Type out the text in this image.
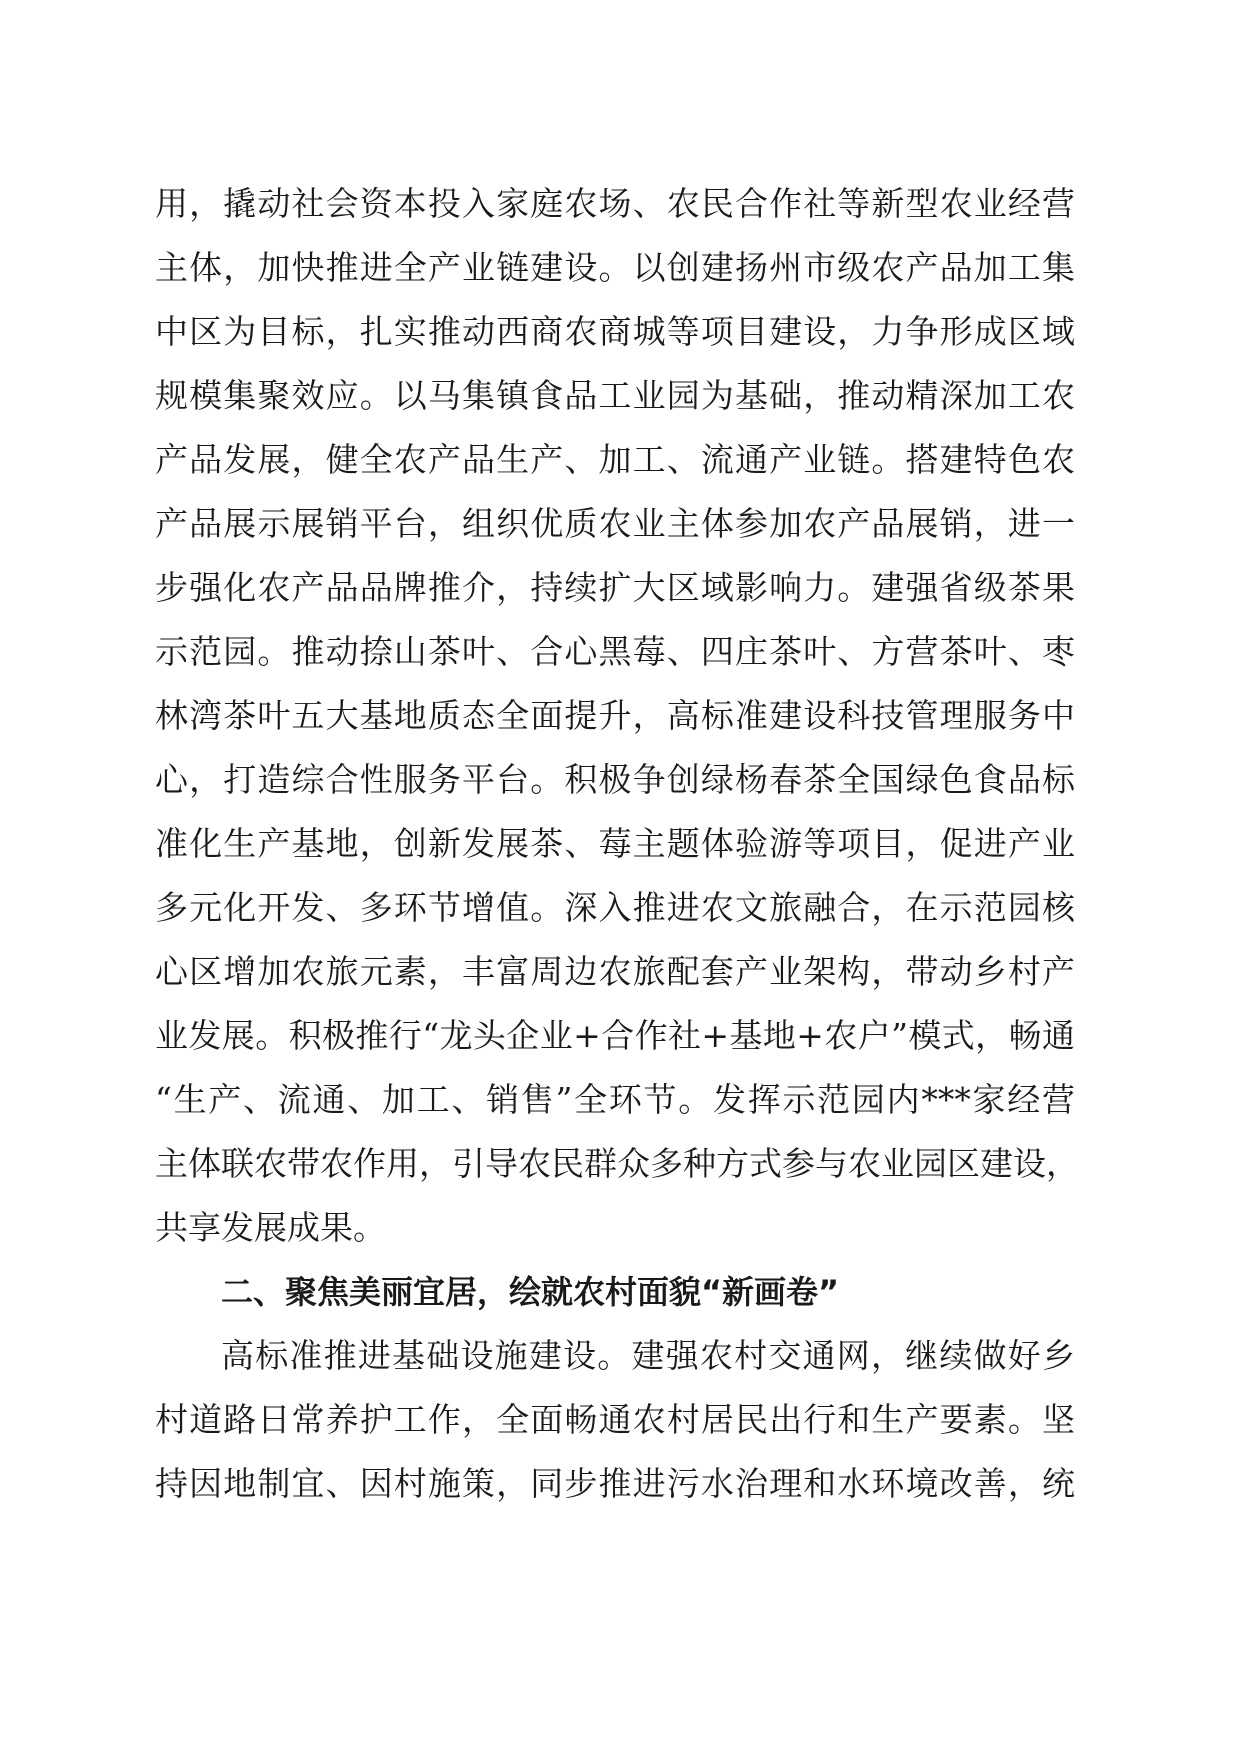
用，撬动社会资本投入家庭农场、农民合作社等新型农业经营
主体，加快推进全产业链建设。以创建扬州市级农产品加工集
中区为目标，扎实推动西商农商城等项目建设，力争形成区域
规模集聚效应。以马集镇食品工业园为基础，推动精深加工农
产品发展，健全农产品生产、加工、流通产业链。搭建特色农
产品展示展销平台，组织优质农业主体参加农产品展销，进一
步强化农产品品牌推介，持续扩大区域影响力。建强省级茶果
示范园。推动捺山茶叶、合心黑莓、四庄茶叶、方营茶叶、枣
林湾茶叶五大基地质态全面提升，高标准建设科技管理服务中
心，打造综合性服务平台。积极争创绿杨春茶全国绿色食品标
准化生产基地，创新发展茶、莓主题体验游等项目，促进产业
多元化开发、多环节增值。深入推进农文旅融合，在示范园核
心区增加农旅元素，丰富周边农旅配套产业架构，带动乡村产
业发展。积极推行“龙头企业+合作社+基地+农户”模式，畅通
“生产、流通、加工、销售”全环节。发挥示范园内***家经营
主体联农带农作用，引导农民群众多种方式参与农业园区建设，
共享发展成果。
二、聚焦美丽宜居，绘就农村面貌“新画卷”
高标准推进基础设施建设。建强农村交通网，继续做好乡
村道路日常养护工作，全面畅通农村居民出行和生产要素。坚
持因地制宜、因村施策，同步推进污水治理和水环境改善，统
